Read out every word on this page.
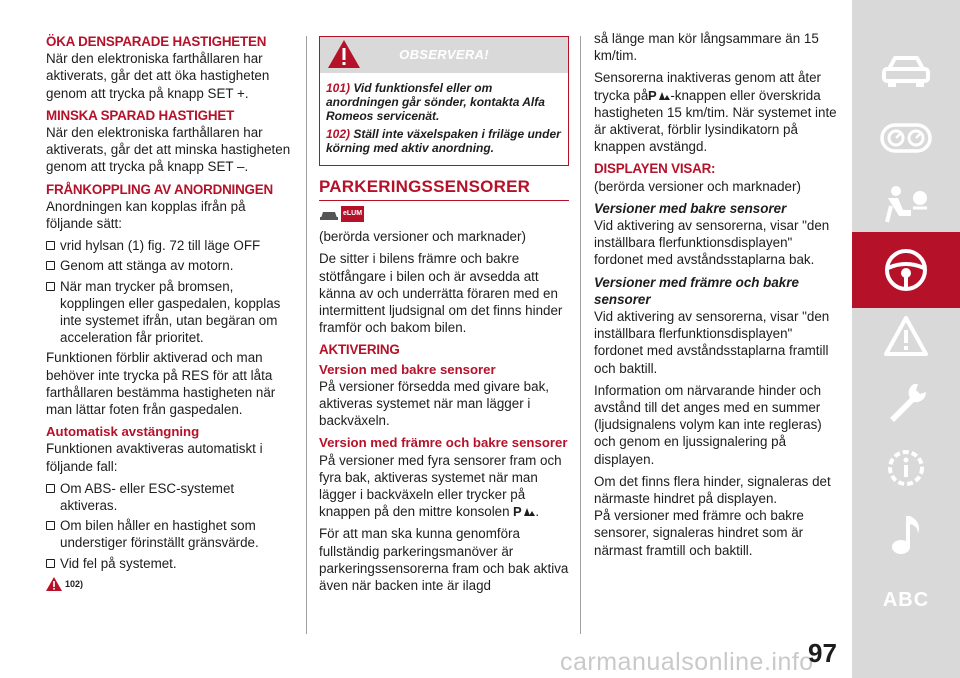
ÖKA DENSPARADE HASTIGHETEN

När den elektroniska farthållaren har aktiverats, går det att öka hastigheten genom att trycka på knapp SET +.

MINSKA SPARAD HASTIGHET

När den elektroniska farthållaren har aktiverats, går det att minska hastigheten genom att trycka på knapp SET –.

FRÅNKOPPLING AV ANORDNINGEN

Anordningen kan kopplas ifrån på följande sätt:

vrid hylsan (1) fig. 72 till läge OFF
Genom att stänga av motorn.
När man trycker på bromsen, kopplingen eller gaspedalen, kopplas inte systemet ifrån, utan begäran om acceleration får prioritet.

Funktionen förblir aktiverad och man behöver inte trycka på RES för att låta farthållaren bestämma hastigheten när man lättar foten från gaspedalen.

Automatisk avstängning

Funktionen avaktiveras automatiskt i följande fall:

Om ABS- eller ESC-systemet aktiveras.
Om bilen håller en hastighet som understiger förinställt gränsvärde.
Vid fel på systemet.
102)
OBSERVERA!

101) Vid funktionsfel eller om anordningen går sönder, kontakta Alfa Romeos servicenät.

102) Ställ inte växelspaken i friläge under körning med aktiv anordning.

PARKERINGSSENSORER
eLUM

(berörda versioner och marknader)

De sitter i bilens främre och bakre stötfångare i bilen och är avsedda att känna av och underrätta föraren med en intermittent ljudsignal om det finns hinder framför och bakom bilen.

AKTIVERING
Version med bakre sensorer

På versioner försedda med givare bak, aktiveras systemet när man lägger i backväxeln.

Version med främre och bakre sensorer

På versioner med fyra sensorer fram och fyra bak, aktiveras systemet när man lägger i backväxeln eller trycker på knappen på den mittre konsolen P .

För att man ska kunna genomföra fullständig parkeringsmanöver är parkeringssensorerna fram och bak aktiva även när backen inte är ilagd

så länge man kör långsammare än 15 km/tim.

Sensorerna inaktiveras genom att åter trycka på P -knappen eller överskrida hastigheten 15 km/tim. När systemet inte är aktiverat, förblir lysindikatorn på knappen avstängd.

DISPLAYEN VISAR:

(berörda versioner och marknader)

Versioner med bakre sensorer

Vid aktivering av sensorerna, visar "den inställbara flerfunktionsdisplayen" fordonet med avståndsstaplarna bak.

Versioner med främre och bakre sensorer

Vid aktivering av sensorerna, visar "den inställbara flerfunktionsdisplayen" fordonet med avståndsstaplarna framtill och baktill.

Information om närvarande hinder och avstånd till det anges med en summer (ljudsignalens volym kan inte regleras) och genom en ljussignalering på displayen.

Om det finns flera hinder, signaleras det närmaste hindret på displayen.

På versioner med främre och bakre sensorer, signaleras hindret som är närmast framtill och baktill.

ABC
carmanualsonline.info
97
